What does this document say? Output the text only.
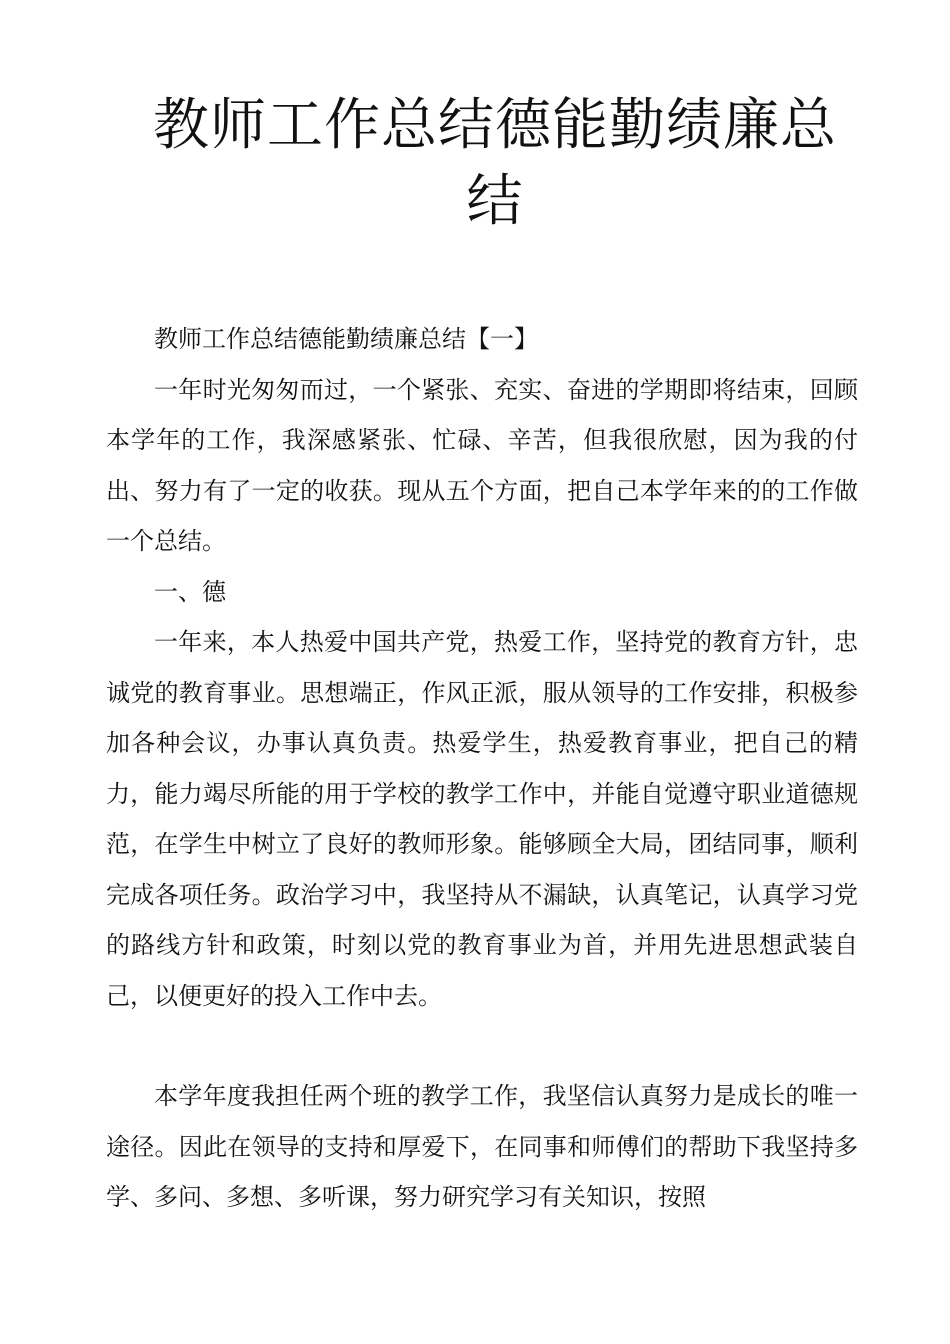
教师工作总结德能勤绩廉总结

教师工作总结德能勤绩廉总结【一】

一年时光匆匆而过，一个紧张、充实、奋进的学期即将结束，回顾本学年的工作，我深感紧张、忙碌、辛苦，但我很欣慰，因为我的付出、努力有了一定的收获。现从五个方面，把自己本学年来的的工作做一个总结。

一、德

一年来，本人热爱中国共产党，热爱工作，坚持党的教育方针，忠诚党的教育事业。思想端正，作风正派，服从领导的工作安排，积极参加各种会议，办事认真负责。热爱学生，热爱教育事业，把自己的精力，能力竭尽所能的用于学校的教学工作中，并能自觉遵守职业道德规范，在学生中树立了良好的教师形象。能够顾全大局，团结同事，顺利完成各项任务。政治学习中，我坚持从不漏缺，认真笔记，认真学习党的路线方针和政策，时刻以党的教育事业为首，并用先进思想武装自己，以便更好的投入工作中去。

本学年度我担任两个班的教学工作，我坚信认真努力是成长的唯一途径。因此在领导的支持和厚爱下，在同事和师傅们的帮助下我坚持多学、多问、多想、多听课，努力研究学习有关知识，按照
